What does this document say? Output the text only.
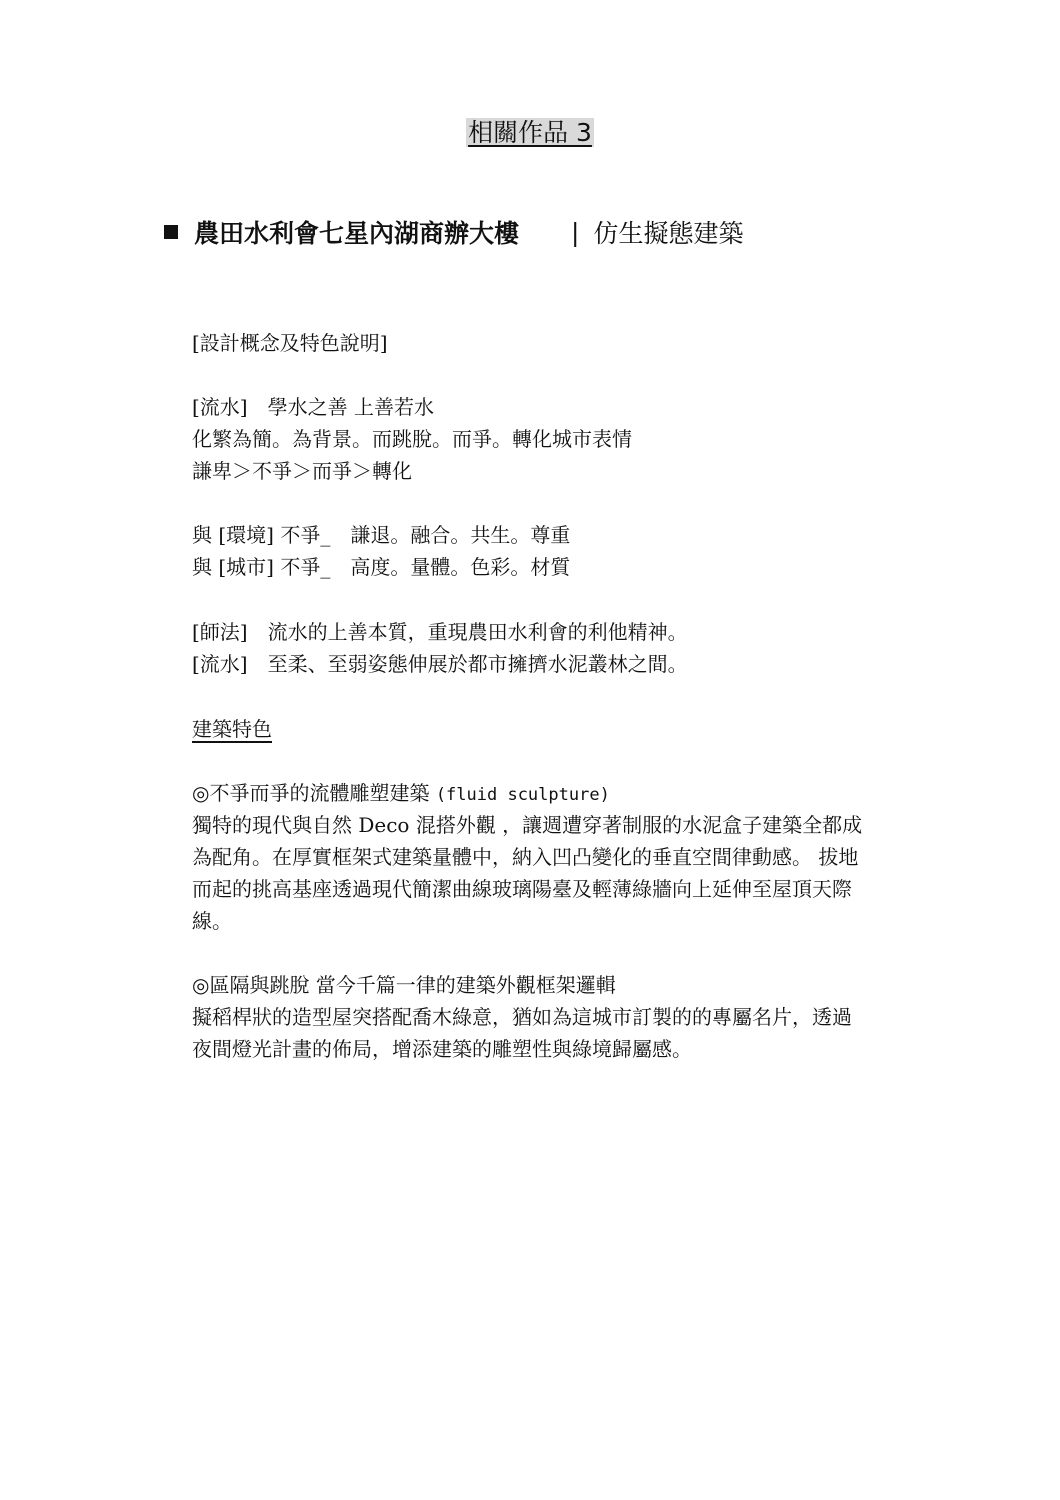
相關作品 3
農田水利會七星內湖商辦大樓 | 仿生擬態建築
[設計概念及特色說明]
[流水]　學水之善 上善若水
化繁為簡。為背景。而跳脫。而爭。轉化城市表情
謙卑＞不爭＞而爭＞轉化
與 [環境] 不爭_　謙退。融合。共生。尊重
與 [城市] 不爭_　高度。量體。色彩。材質
[師法]　流水的上善本質，重現農田水利會的利他精神。
[流水]　至柔、至弱姿態伸展於都市擁擠水泥叢林之間。
建築特色
◎不爭而爭的流體雕塑建築 (fluid sculpture)
獨特的現代與自然 Deco 混搭外觀 ，讓週遭穿著制服的水泥盒子建築全都成
為配角。在厚實框架式建築量體中，納入凹凸變化的垂直空間律動感。 拔地
而起的挑高基座透過現代簡潔曲線玻璃陽臺及輕薄綠牆向上延伸至屋頂天際
線。
◎區隔與跳脫 當今千篇一律的建築外觀框架邏輯
擬稻桿狀的造型屋突搭配喬木綠意，猶如為這城市訂製的的專屬名片，透過
夜間燈光計畫的佈局，增添建築的雕塑性與綠境歸屬感。
